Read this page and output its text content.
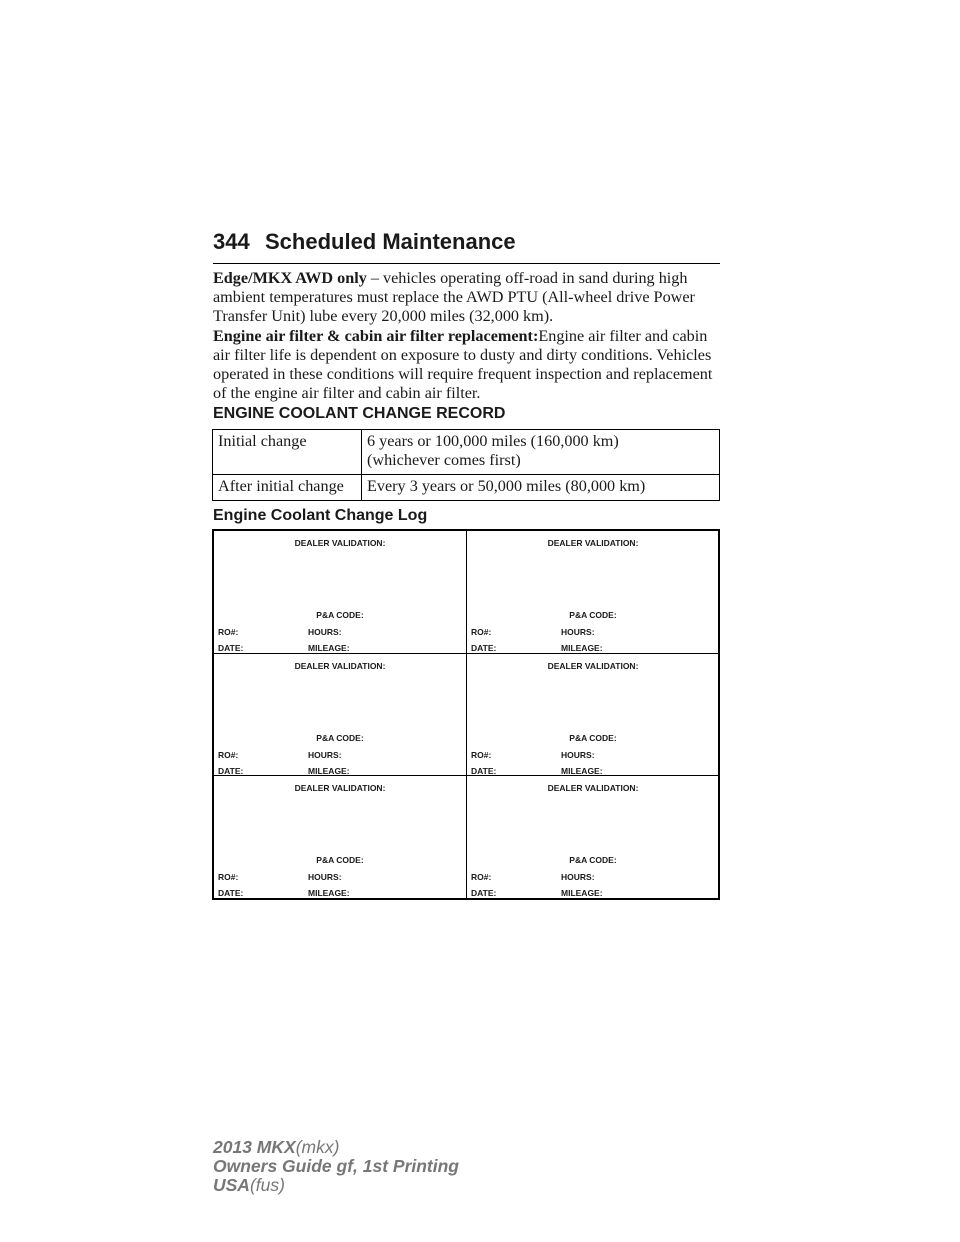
344 Scheduled Maintenance
Edge/MKX AWD only – vehicles operating off-road in sand during high ambient temperatures must replace the AWD PTU (All-wheel drive Power Transfer Unit) lube every 20,000 miles (32,000 km).
Engine air filter & cabin air filter replacement:Engine air filter and cabin air filter life is dependent on exposure to dusty and dirty conditions. Vehicles operated in these conditions will require frequent inspection and replacement of the engine air filter and cabin air filter.
ENGINE COOLANT CHANGE RECORD
Initial change	6 years or 100,000 miles (160,000 km)
(whichever comes first)

After initial change	Every 3 years or 50,000 miles (80,000 km)
Engine Coolant Change Log
DEALER VALIDATION:
P&A CODE:
RO#:	HOURS:
DATE:	MILEAGE:
DEALER VALIDATION:
P&A CODE:
RO#:	HOURS:
DATE:	MILEAGE:
DEALER VALIDATION:
P&A CODE:
RO#:	HOURS:
DATE:	MILEAGE:
DEALER VALIDATION:
P&A CODE:
RO#:	HOURS:
DATE:	MILEAGE:
DEALER VALIDATION:
P&A CODE:
RO#:	HOURS:
DATE:	MILEAGE:
DEALER VALIDATION:
P&A CODE:
RO#:	HOURS:
DATE:	MILEAGE:
2013 MKX(mkx)
Owners Guide gf, 1st Printing
USA(fus)
